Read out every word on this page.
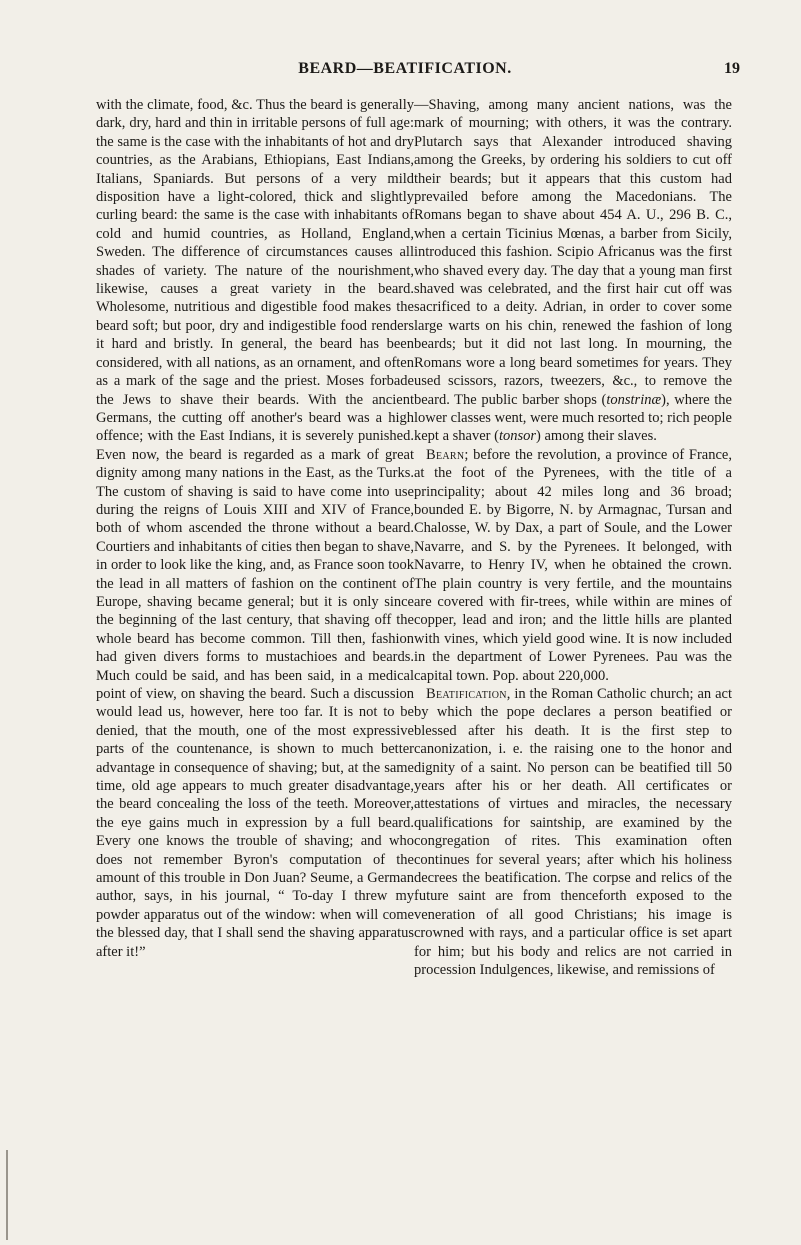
BEARD—BEATIFICATION.	19

with the climate, food, &c. Thus the beard is generally dark, dry, hard and thin in irritable persons of full age: the same is the case with the inhabitants of hot and dry countries, as the Arabians, Ethiopians, East Indians, Italians, Spaniards. But persons of a very mild disposition have a light-colored, thick and slightly curling beard: the same is the case with inhabitants of cold and humid countries, as Holland, England, Sweden. The difference of circumstances causes all shades of variety. The nature of the nourishment, likewise, causes a great variety in the beard. Wholesome, nutritious and digestible food makes the beard soft; but poor, dry and indigestible food renders it hard and bristly. In general, the beard has been considered, with all nations, as an ornament, and often as a mark of the sage and the priest. Moses forbade the Jews to shave their beards. With the ancient Germans, the cutting off another's beard was a high offence; with the East Indians, it is severely punished. Even now, the beard is regarded as a mark of great dignity among many nations in the East, as the Turks. The custom of shaving is said to have come into use during the reigns of Louis XIII and XIV of France, both of whom ascended the throne without a beard. Courtiers and inhabitants of cities then began to shave, in order to look like the king, and, as France soon took the lead in all matters of fashion on the continent of Europe, shaving became general; but it is only since the beginning of the last century, that shaving off the whole beard has become common. Till then, fashion had given divers forms to mustachioes and beards. Much could be said, and has been said, in a medical point of view, on shaving the beard. Such a discussion would lead us, however, here too far. It is not to be denied, that the mouth, one of the most expressive parts of the countenance, is shown to much better advantage in consequence of shaving; but, at the same time, old age appears to much greater disadvantage, the beard concealing the loss of the teeth. Moreover, the eye gains much in expression by a full beard. Every one knows the trouble of shaving; and who does not remember Byron's computation of the amount of this trouble in Don Juan? Seume, a German author, says, in his journal, “ To-day I threw my powder apparatus out of the window: when will come the blessed day, that I shall send the shaving apparatus after it!”

—Shaving, among many ancient nations, was the mark of mourning; with others, it was the contrary. Plutarch says that Alexander introduced shaving among the Greeks, by ordering his soldiers to cut off their beards; but it appears that this custom had prevailed before among the Macedonians. The Romans began to shave about 454 A. U., 296 B. C., when a certain Ticinius Mœnas, a barber from Sicily, introduced this fashion. Scipio Africanus was the first who shaved every day. The day that a young man first shaved was celebrated, and the first hair cut off was sacrificed to a deity. Adrian, in order to cover some large warts on his chin, renewed the fashion of long beards; but it did not last long. In mourning, the Romans wore a long beard sometimes for years. They used scissors, razors, tweezers, &c., to remove the beard. The public barber shops (tonstrinæ), where the lower classes went, were much resorted to; rich people kept a shaver (tonsor) among their slaves.

Bearn; before the revolution, a province of France, at the foot of the Pyrenees, with the title of a principality; about 42 miles long and 36 broad; bounded E. by Bigorre, N. by Armagnac, Tursan and Chalosse, W. by Dax, a part of Soule, and the Lower Navarre, and S. by the Pyrenees. It belonged, with Navarre, to Henry IV, when he obtained the crown. The plain country is very fertile, and the mountains are covered with fir-trees, while within are mines of copper, lead and iron; and the little hills are planted with vines, which yield good wine. It is now included in the department of Lower Pyrenees. Pau was the capital town. Pop. about 220,000.

Beatification, in the Roman Catholic church; an act by which the pope declares a person beatified or blessed after his death. It is the first step to canonization, i. e. the raising one to the honor and dignity of a saint. No person can be beatified till 50 years after his or her death. All certificates or attestations of virtues and miracles, the necessary qualifications for saintship, are examined by the congregation of rites. This examination often continues for several years; after which his holiness decrees the beatification. The corpse and relics of the future saint are from thenceforth exposed to the veneration of all good Christians; his image is crowned with rays, and a particular office is set apart for him; but his body and relics are not carried in procession Indulgences, likewise, and remissions of
